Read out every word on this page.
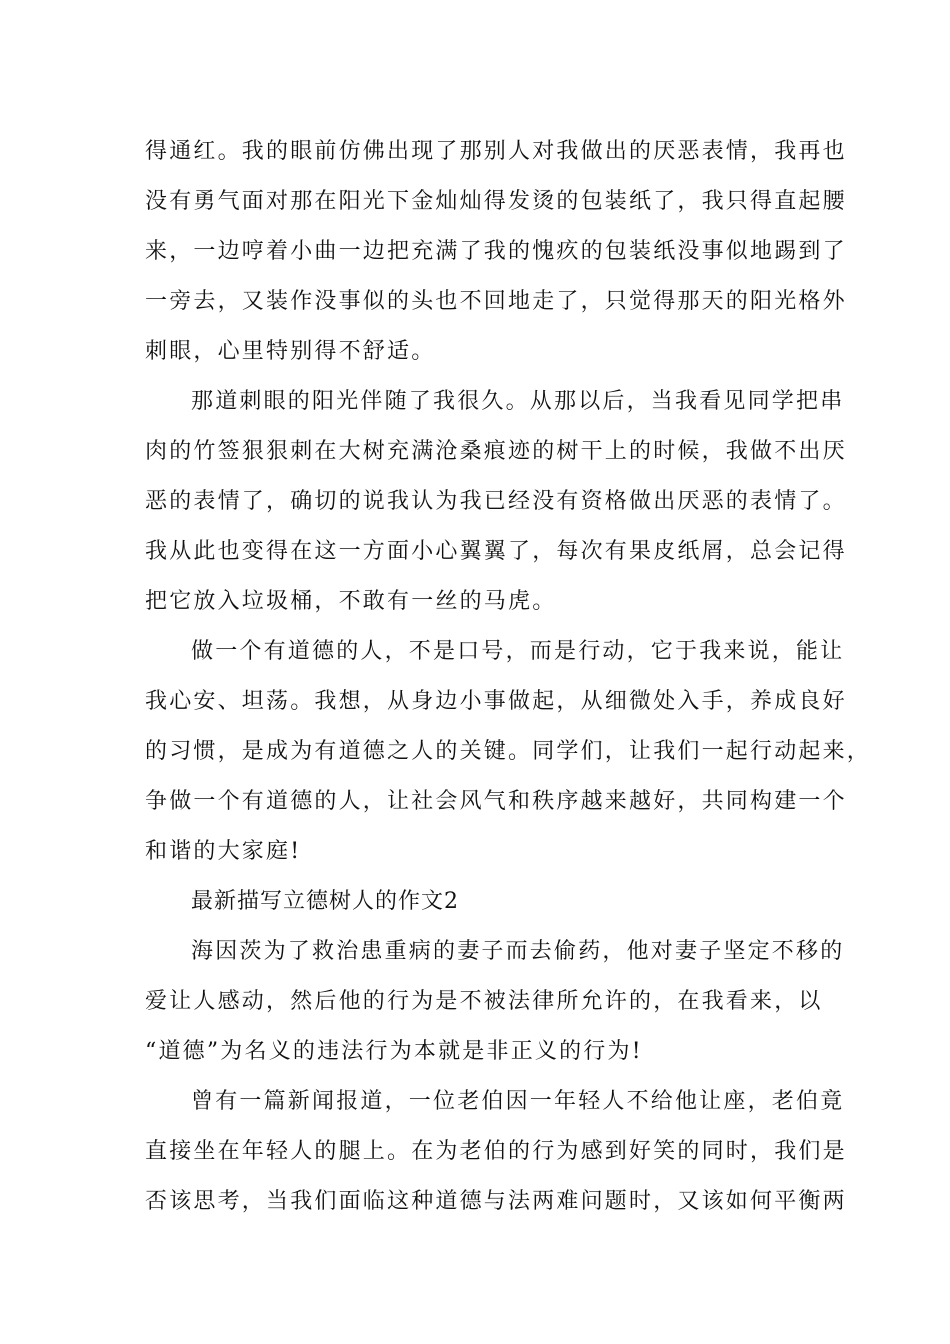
得通红。我的眼前仿佛出现了那别人对我做出的厌恶表情，我再也
没有勇气面对那在阳光下金灿灿得发烫的包装纸了，我只得直起腰
来，一边哼着小曲一边把充满了我的愧疚的包装纸没事似地踢到了
一旁去，又装作没事似的头也不回地走了，只觉得那天的阳光格外
刺眼，心里特别得不舒适。
那道刺眼的阳光伴随了我很久。从那以后，当我看见同学把串
肉的竹签狠狠刺在大树充满沧桑痕迹的树干上的时候，我做不出厌
恶的表情了，确切的说我认为我已经没有资格做出厌恶的表情了。
我从此也变得在这一方面小心翼翼了，每次有果皮纸屑，总会记得
把它放入垃圾桶，不敢有一丝的马虎。
做一个有道德的人，不是口号，而是行动，它于我来说，能让
我心安、坦荡。我想，从身边小事做起，从细微处入手，养成良好
的习惯，是成为有道德之人的关键。同学们，让我们一起行动起来，
争做一个有道德的人，让社会风气和秩序越来越好，共同构建一个
和谐的大家庭!
最新描写立德树人的作文2
海因茨为了救治患重病的妻子而去偷药，他对妻子坚定不移的
爱让人感动，然后他的行为是不被法律所允许的，在我看来，以
“道德”为名义的违法行为本就是非正义的行为!
曾有一篇新闻报道，一位老伯因一年轻人不给他让座，老伯竟
直接坐在年轻人的腿上。在为老伯的行为感到好笑的同时，我们是
否该思考，当我们面临这种道德与法两难问题时，又该如何平衡两
